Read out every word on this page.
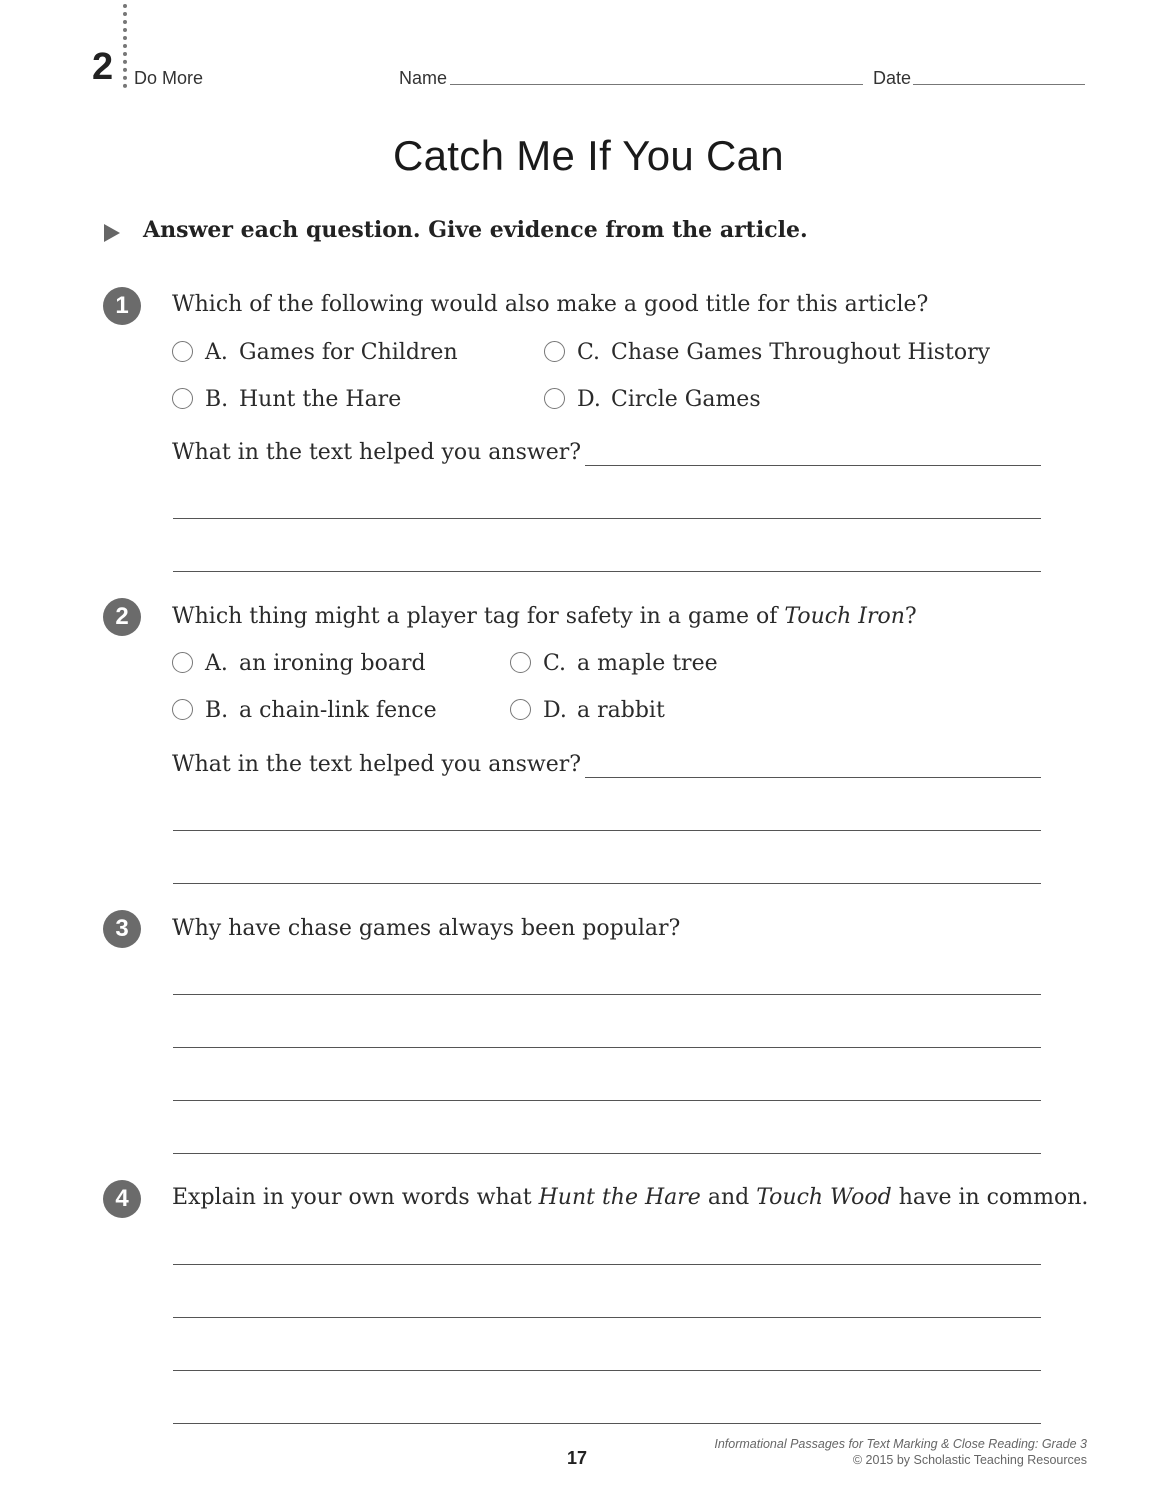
2 Do More	Name	Date
Catch Me If You Can
Answer each question. Give evidence from the article.
1	Which of the following would also make a good title for this article?
A. Games for Children
B. Hunt the Hare
C. Chase Games Throughout History
D. Circle Games
What in the text helped you answer?
2	Which thing might a player tag for safety in a game of Touch Iron?
A. an ironing board
B. a chain-link fence
C. a maple tree
D. a rabbit
What in the text helped you answer?
3	Why have chase games always been popular?
4	Explain in your own words what Hunt the Hare and Touch Wood have in common.
17
Informational Passages for Text Marking & Close Reading: Grade 3
© 2015 by Scholastic Teaching Resources
